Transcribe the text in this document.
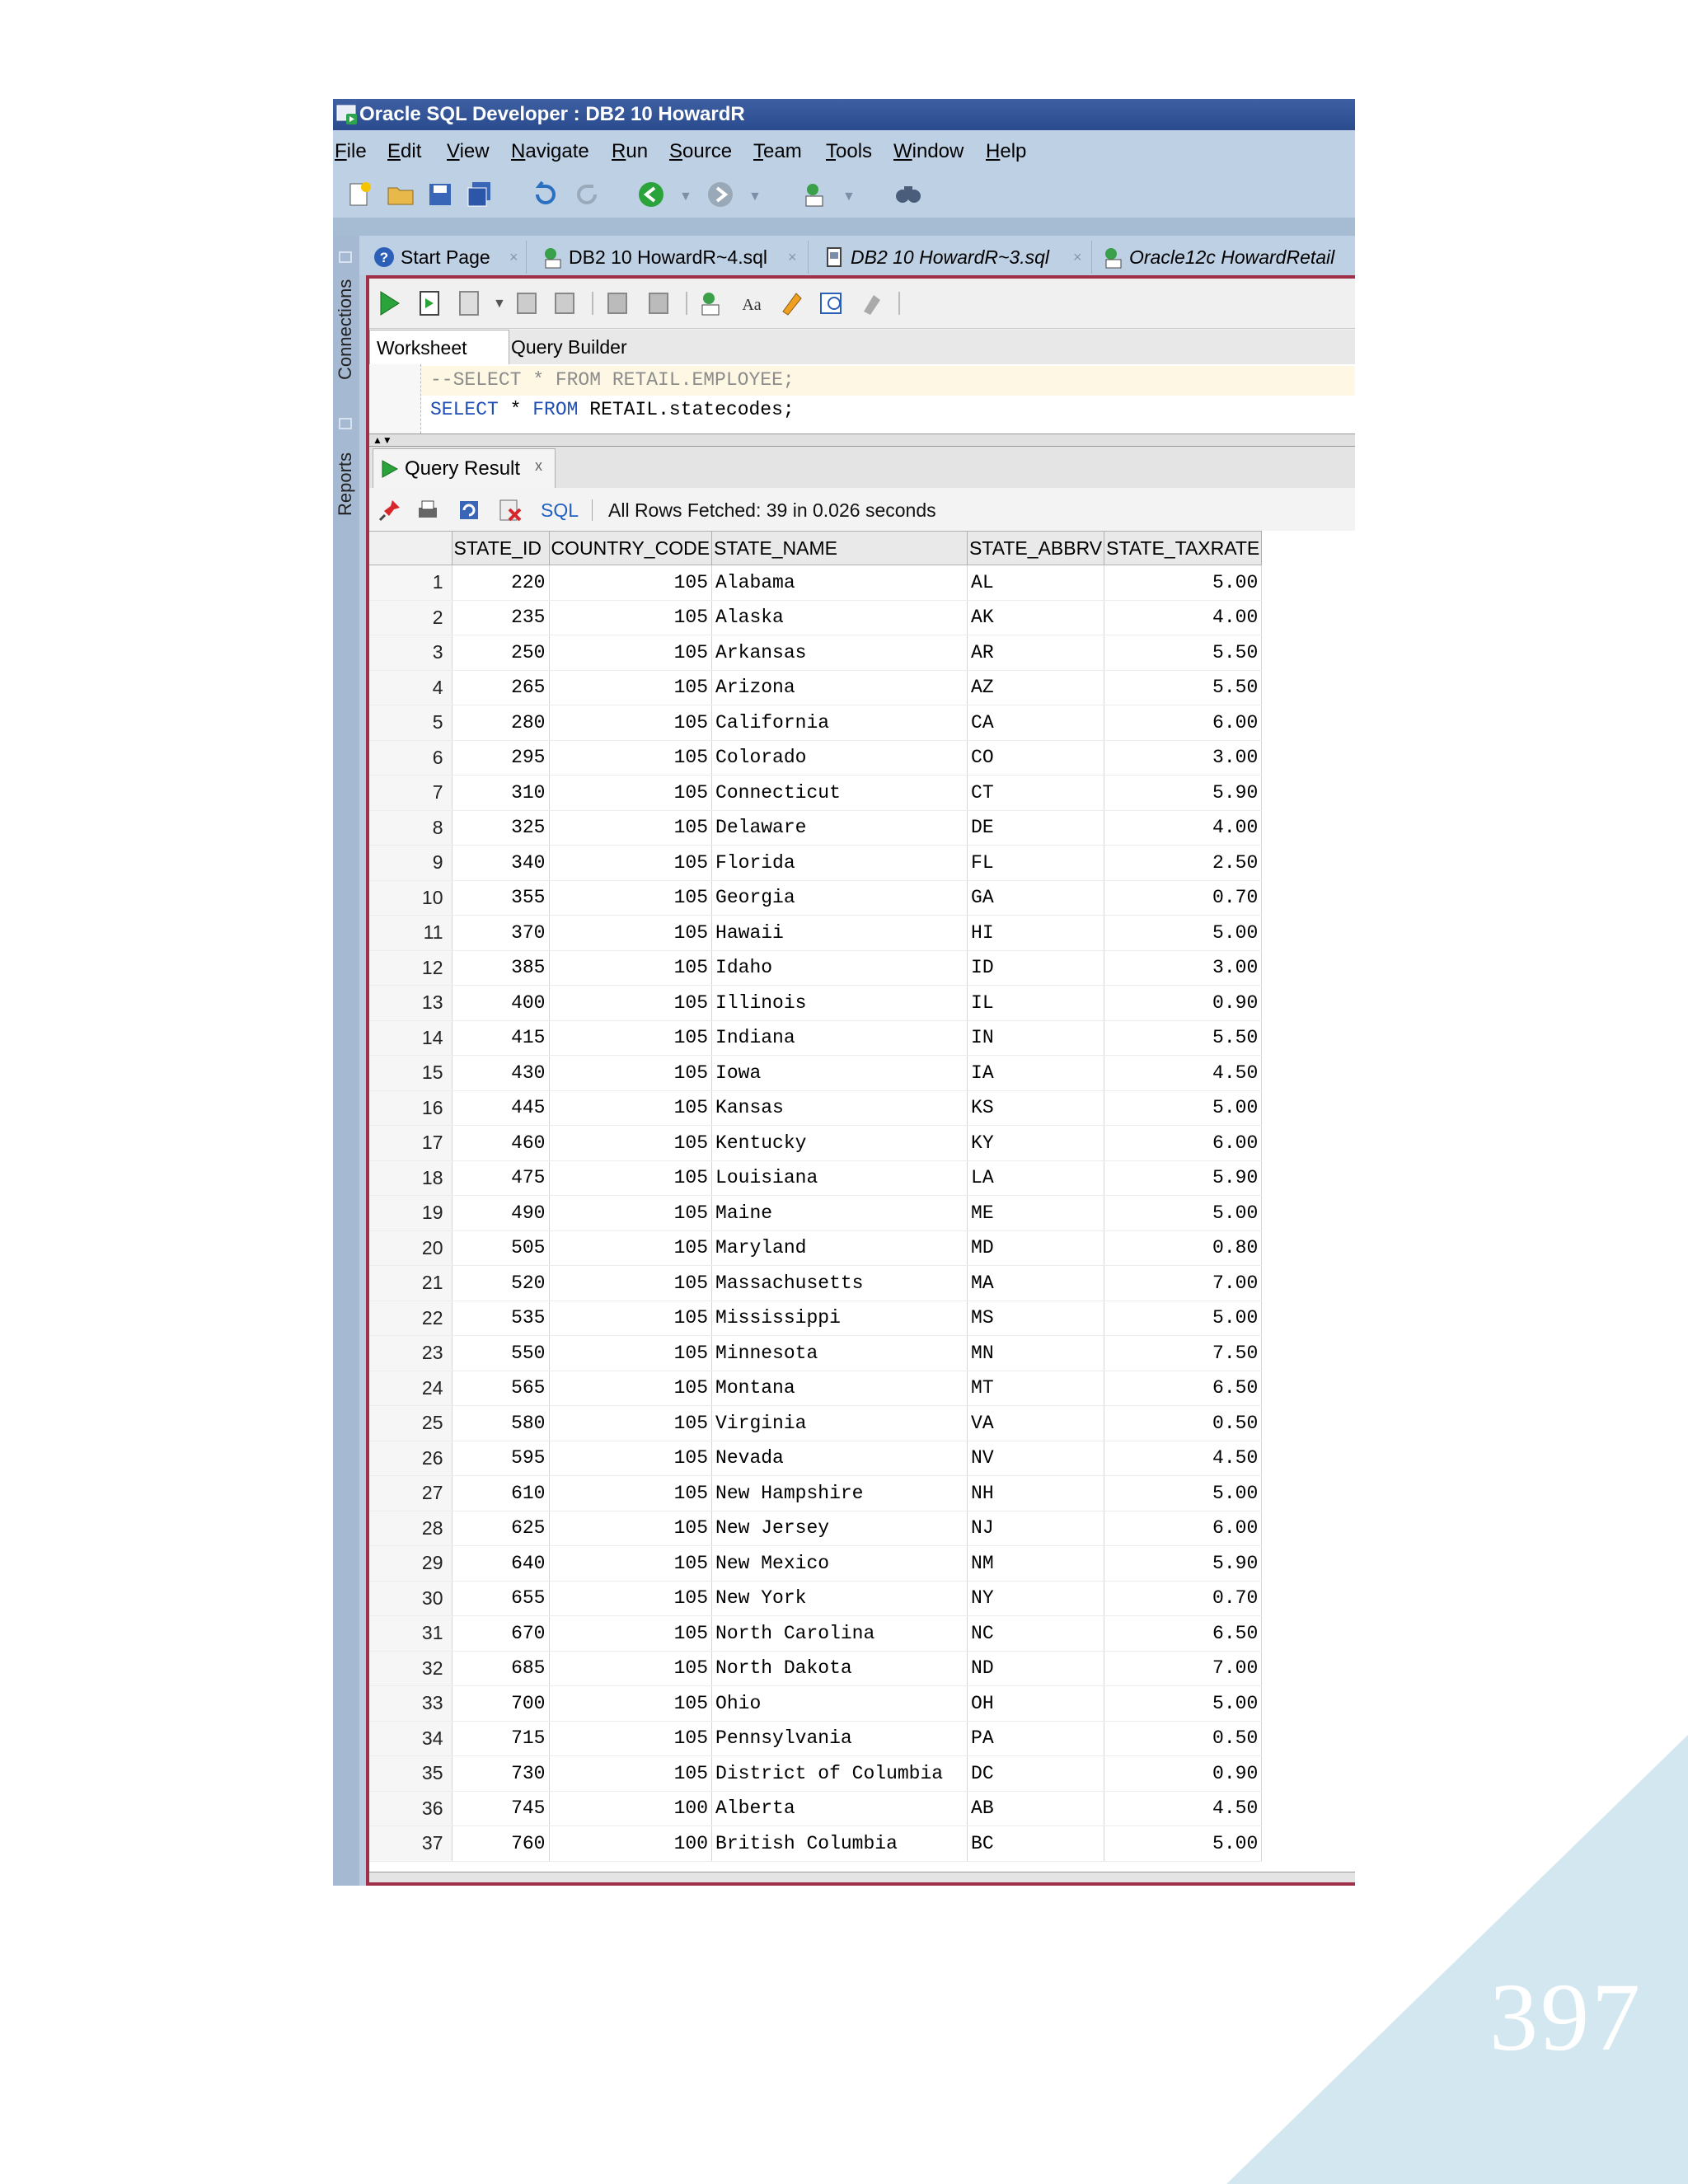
397
Oracle SQL Developer : DB2 10 HowardR
File Edit View Navigate Run Source Team Tools Window Help
▼	▼	▼
Connections
Reports
? Start Page ×	DB2 10 HowardR~4.sql ×	DB2 10 HowardR~3.sql × Oracle12c HowardRetail
▼	Aa
Worksheet	Query Builder
--SELECT * FROM RETAIL.EMPLOYEE;
SELECT * FROM RETAIL.statecodes;
▲▼
Query Result x
SQL All Rows Fetched: 39 in 0.026 seconds
	STATE_ID	COUNTRY_CODE	STATE_NAME	STATE_ABBRV	STATE_TAXRATE
1	220	105	Alabama	AL	5.00
2	235	105	Alaska	AK	4.00
3	250	105	Arkansas	AR	5.50
4	265	105	Arizona	AZ	5.50
5	280	105	California	CA	6.00
6	295	105	Colorado	CO	3.00
7	310	105	Connecticut	CT	5.90
8	325	105	Delaware	DE	4.00
9	340	105	Florida	FL	2.50
10	355	105	Georgia	GA	0.70
11	370	105	Hawaii	HI	5.00
12	385	105	Idaho	ID	3.00
13	400	105	Illinois	IL	0.90
14	415	105	Indiana	IN	5.50
15	430	105	Iowa	IA	4.50
16	445	105	Kansas	KS	5.00
17	460	105	Kentucky	KY	6.00
18	475	105	Louisiana	LA	5.90
19	490	105	Maine	ME	5.00
20	505	105	Maryland	MD	0.80
21	520	105	Massachusetts	MA	7.00
22	535	105	Mississippi	MS	5.00
23	550	105	Minnesota	MN	7.50
24	565	105	Montana	MT	6.50
25	580	105	Virginia	VA	0.50
26	595	105	Nevada	NV	4.50
27	610	105	New Hampshire	NH	5.00
28	625	105	New Jersey	NJ	6.00
29	640	105	New Mexico	NM	5.90
30	655	105	New York	NY	0.70
31	670	105	North Carolina	NC	6.50
32	685	105	North Dakota	ND	7.00
33	700	105	Ohio	OH	5.00
34	715	105	Pennsylvania	PA	0.50
35	730	105	District of Columbia	DC	0.90
36	745	100	Alberta	AB	4.50
37	760	100	British Columbia	BC	5.00
